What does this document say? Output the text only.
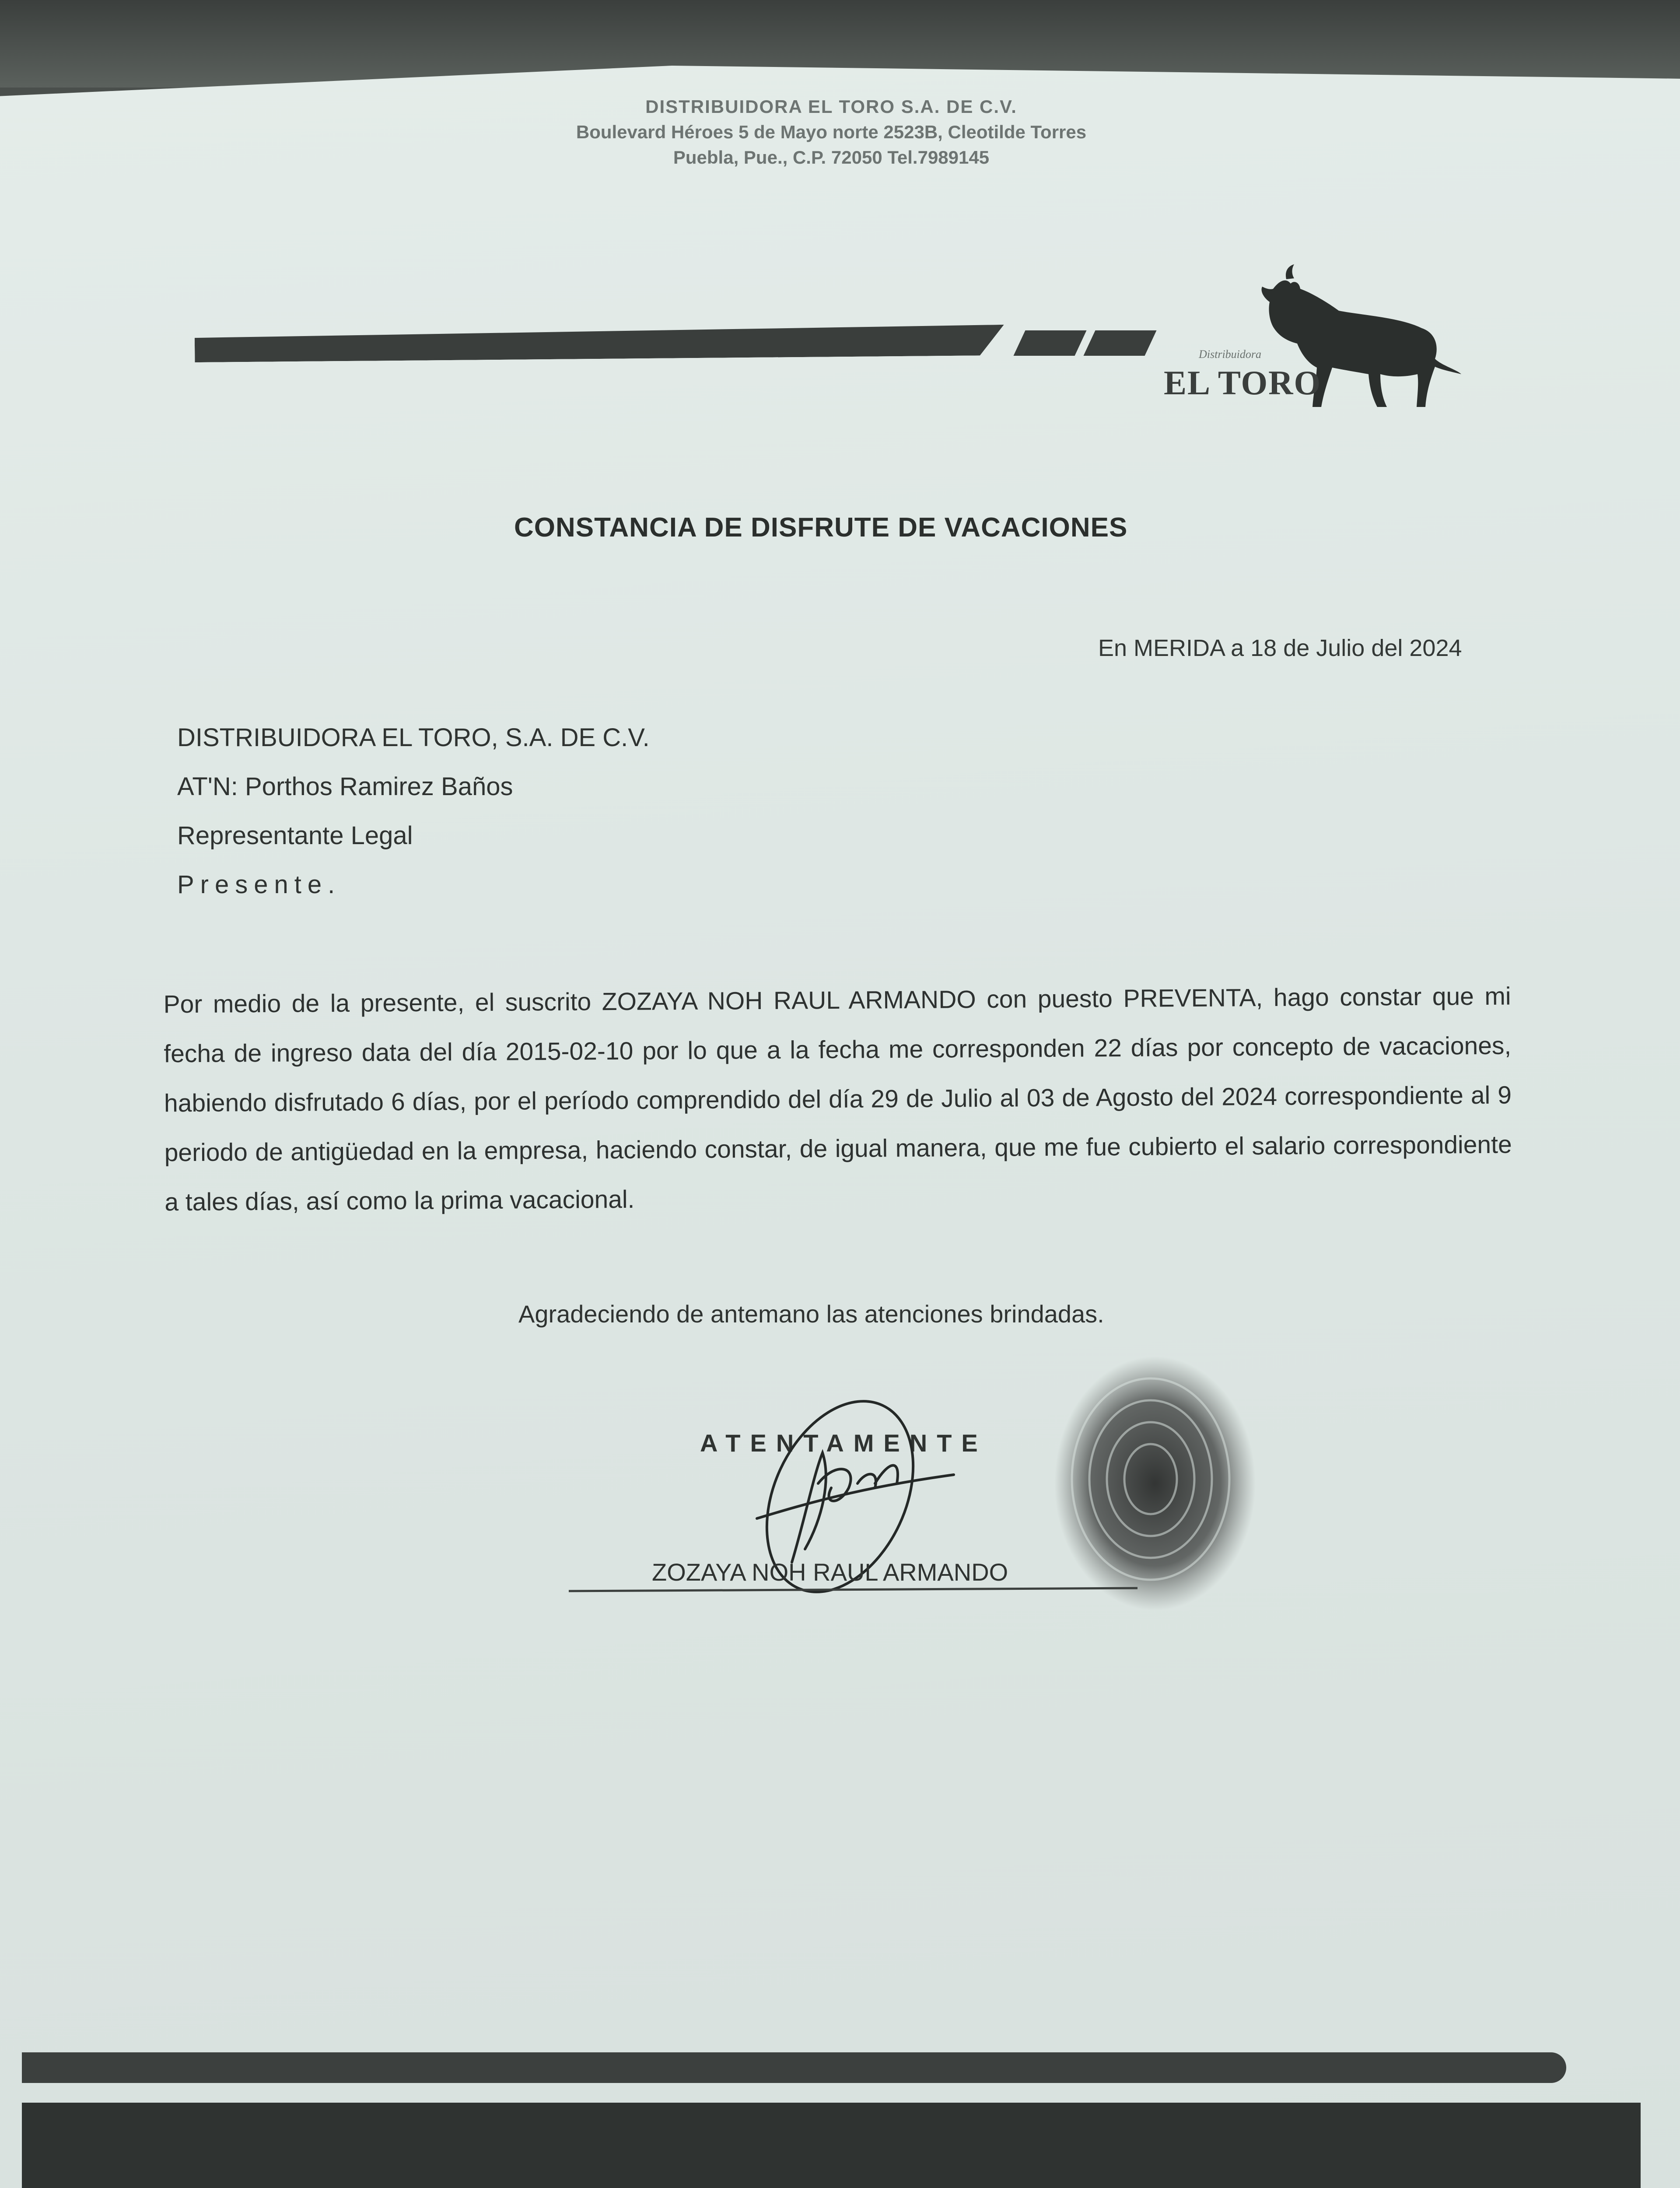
DISTRIBUIDORA EL TORO S.A. DE C.V.
Boulevard Héroes 5 de Mayo norte 2523B, Cleotilde Torres
Puebla, Pue., C.P. 72050 Tel.7989145
Distribuidora
EL TORO
CONSTANCIA DE DISFRUTE DE VACACIONES
En MERIDA a 18 de Julio del 2024
DISTRIBUIDORA EL TORO, S.A. DE C.V.
AT'N: Porthos Ramirez Baños
Representante Legal
Presente.
Por medio de la presente, el suscrito ZOZAYA NOH RAUL ARMANDO con puesto PREVENTA, hago constar que mi fecha de ingreso data del día 2015-02-10 por lo que a la fecha me corresponden 22 días por concepto de vacaciones, habiendo disfrutado 6 días, por el período comprendido del día 29 de Julio al 03 de Agosto del 2024 correspondiente al 9 periodo de antigüedad en la empresa, haciendo constar, de igual manera, que me fue cubierto el salario correspondiente a tales días, así como la prima vacacional.
Agradeciendo de antemano las atenciones brindadas.
ATENTAMENTE
ZOZAYA NOH RAUL ARMANDO
